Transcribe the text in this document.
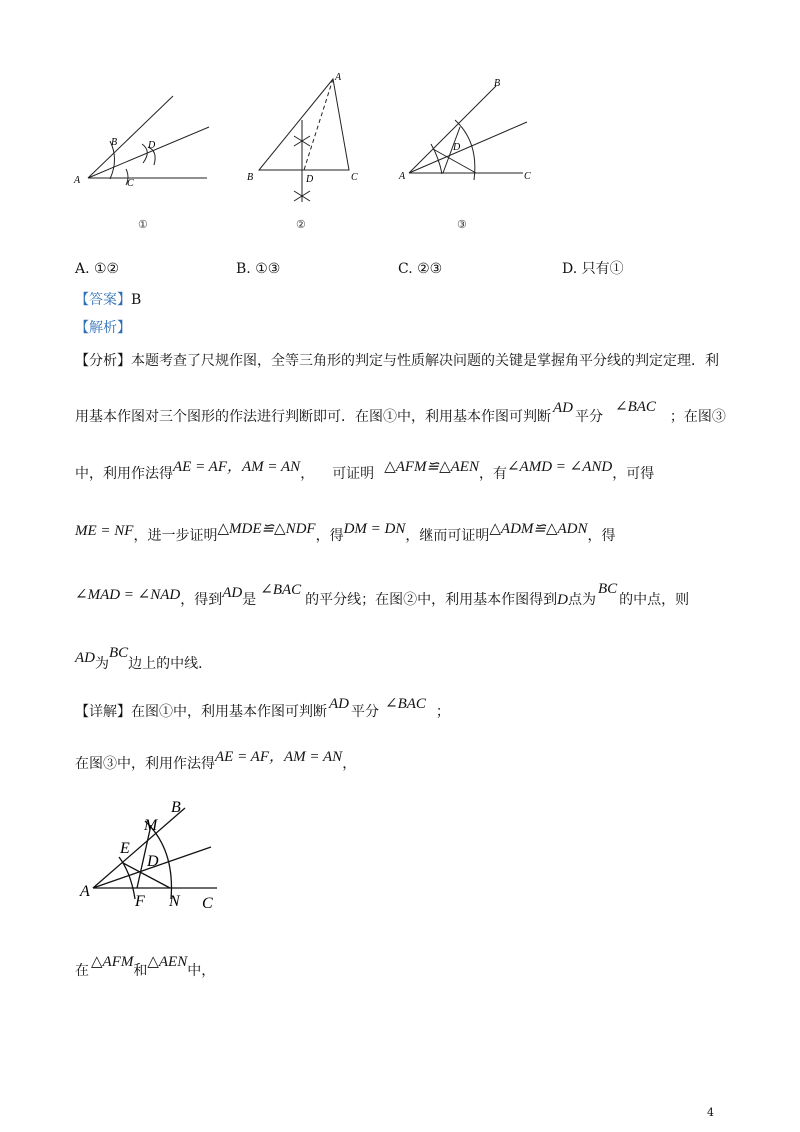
A
B	D
C
①
A
B	D	C
②
A
B
D
C
③
A. ①②	B. ①③	C. ②③	D. 只有①
【答案】B
【解析】
【分析】本题考查了尺规作图，全等三角形的判定与性质解决问题的关键是掌握角平分线的判定定理．利
用基本作图对三个图形的作法进行判断即可．在图①中，利用基本作图可判断AD平分∠BAC；在图③
中，利用作法得AE = AF，AM = AN， 可证明 △AFM≌△AEN，有∠AMD = ∠AND，可得
ME = NF，进一步证明△MDE≌△NDF，得DM = DN，继而可证明△ADM≌△ADN，得
∠MAD = ∠NAD，得到AD是∠BAC的平分线；在图②中，利用基本作图得到D点为BC的中点，则
AD为BC边上的中线．
【详解】在图①中，利用基本作图可判断 AD 平分 ∠BAC ；
在图③中，利用作法得AE = AF，AM = AN，
A
B
M
E
D
F N C
在△AFM和△AEN中，
4
